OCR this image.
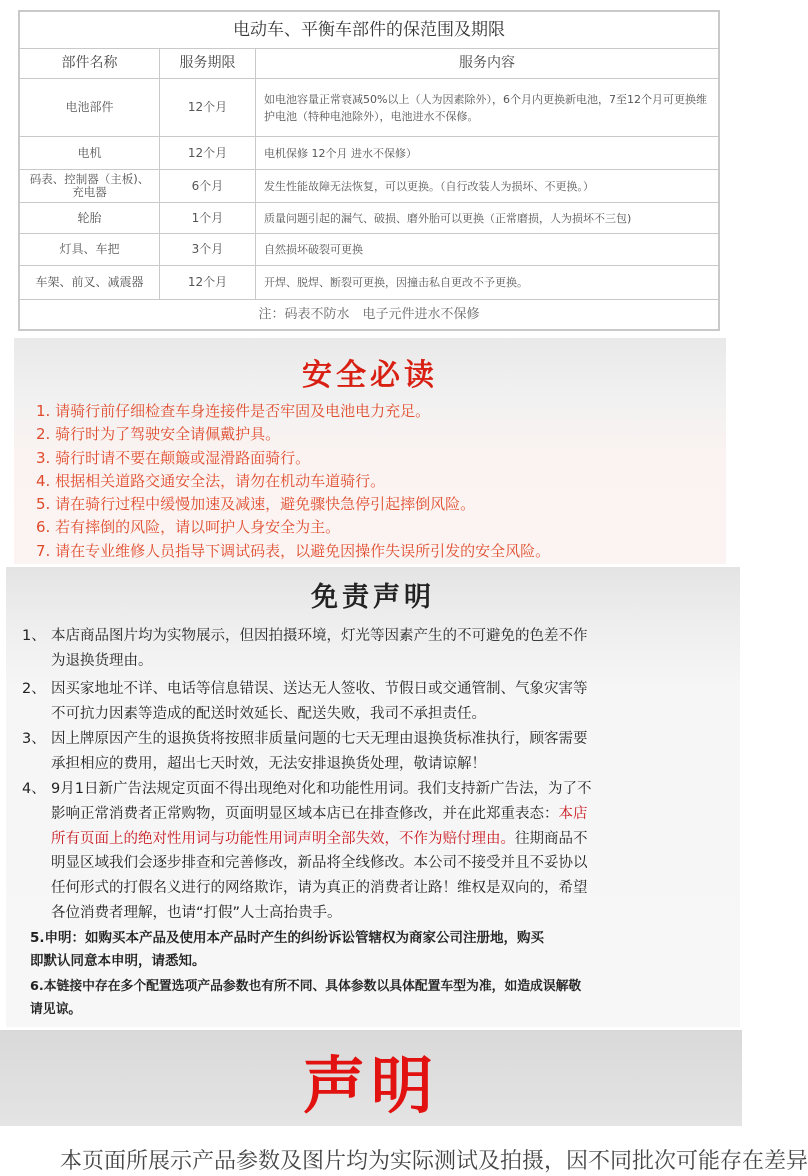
电动车、平衡车部件的保范围及期限		
部件名称	服务期限	服务内容
电池部件	12个月	如电池容量正常衰减50%以上（人为因素除外），6个月内更换新电池，7至12个月可更换维护电池（特种电池除外），电池进水不保修。
电机	12个月	电机保修 12个月 进水不保修）
码表、控制器（主板)、充电器	6个月	发生性能故障无法恢复，可以更换。（自行改装人为损坏、不更换。）
轮胎	1个月	质量问题引起的漏气、破损、磨外胎可以更换（正常磨损，人为损坏不三包)
灯具、车把	3个月	自然损坏破裂可更换
车架、前叉、减震器	12个月	开焊、脱焊、断裂可更换，因撞击私自更改不予更换。
注：码表不防水　电子元件进水不保修		
安全必读
1. 请骑行前仔细检查车身连接件是否牢固及电池电力充足。
2. 骑行时为了驾驶安全请佩戴护具。
3. 骑行时请不要在颠簸或湿滑路面骑行。
4. 根据相关道路交通安全法，请勿在机动车道骑行。
5. 请在骑行过程中缓慢加速及减速，避免骤快急停引起摔倒风险。
6. 若有摔倒的风险，请以呵护人身安全为主。
7. 请在专业维修人员指导下调试码表，以避免因操作失误所引发的安全风险。
免责声明
1、 本店商品图片均为实物展示，但因拍摄环境，灯光等因素产生的不可避免的色差不作
为退换货理由。
2、 因买家地址不详、电话等信息错误、送达无人签收、节假日或交通管制、气象灾害等
不可抗力因素等造成的配送时效延长、配送失败，我司不承担责任。
3、 因上牌原因产生的退换货将按照非质量问题的七天无理由退换货标准执行，顾客需要
承担相应的费用，超出七天时效，无法安排退换货处理，敬请谅解！
4、 9月1日新广告法规定页面不得出现绝对化和功能性用词。我们支持新广告法，为了不
影响正常消费者正常购物，页面明显区域本店已在排查修改，并在此郑重表态：本店
所有页面上的绝对性用词与功能性用词声明全部失效，不作为赔付理由。往期商品不
明显区域我们会逐步排查和完善修改，新品将全线修改。本公司不接受并且不妥协以
任何形式的打假名义进行的网络欺诈，请为真正的消费者让路！维权是双向的，希望
各位消费者理解，也请“打假”人士高抬贵手。
5.申明：如购买本产品及使用本产品时产生的纠纷诉讼管辖权为商家公司注册地，购买
即默认同意本申明，请悉知。
6.本链接中存在多个配置选项产品参数也有所不同、具体参数以具体配置车型为准，如造成误解敬
请见谅。
声明
本页面所展示产品参数及图片均为实际测试及拍摄，因不同批次可能存在差异
